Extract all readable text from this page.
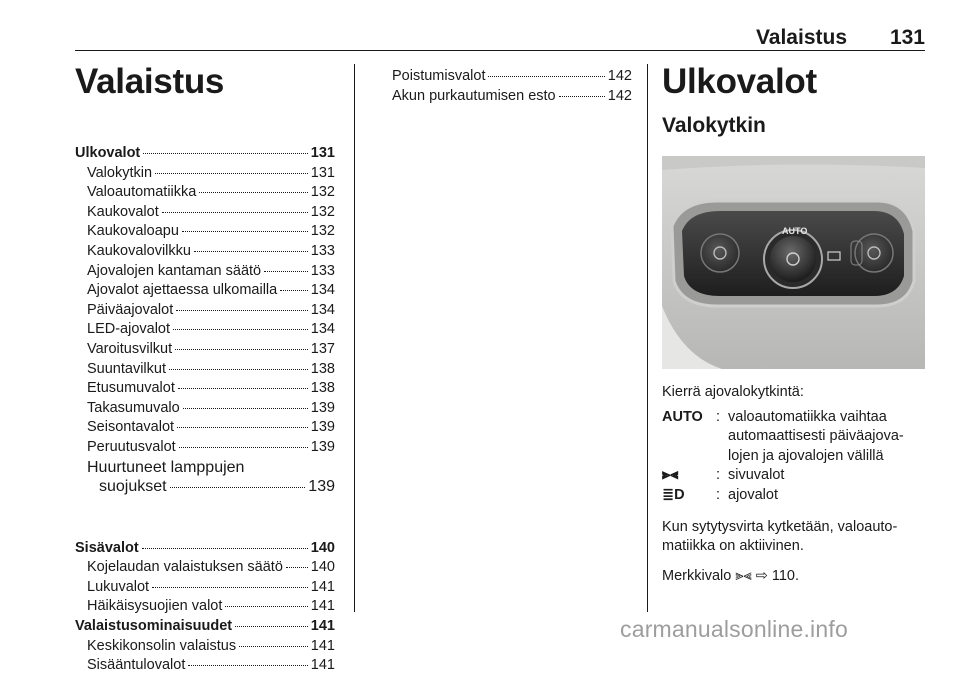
Valaistus 131
Valaistus
Ulkovalot	131
Valokytkin	131
Valoautomatiikka	132
Kaukovalot	132
Kaukovaloapu	132
Kaukovalovilkku	133
Ajovalojen kantaman säätö	133
Ajovalot ajettaessa ulkomailla 134
Päiväajovalot	134
LED-ajovalot	134
Varoitusvilkut	137
Suuntavilkut	138
Etusumuvalot	138
Takasumuvalo	139
Seisontavalot	139
Peruutusvalot	139
Huurtuneet lamppujen
suojukset	139
Sisävalot	140
Kojelaudan valaistuksen säätö 140
Lukuvalot	141
Häikäisysuojien valot	141
Valaistusominaisuudet	141
Keskikonsolin valaistus	141
Sisääntulovalot	141
Poistumisvalot	142
Akun purkautumisen esto	142 Ulkovalot
Valokytkin
AUTO

Kierrä ajovalokytkintä:

AUTO : valoautomatiikka vaihtaa
automaattisesti päiväajova-
lojen ja ajovalojen välillä
⫸⫷	: sivuvalot
≣D	: ajovalot

Kun sytytysvirta kytketään, valoauto-
matiikka on aktiivinen.

Merkkivalo ⫸⫷ ⇨ 110.

carmanualsonline.info
